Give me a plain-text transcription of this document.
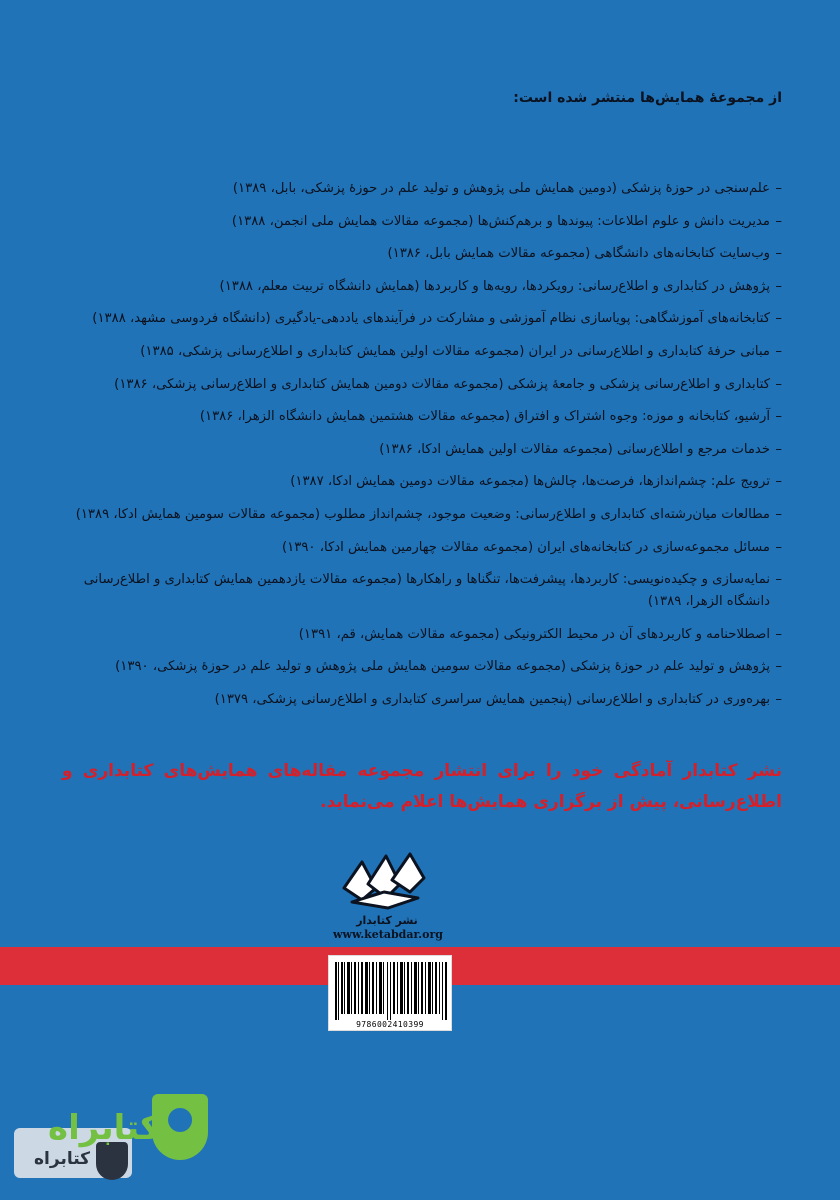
از مجموعهٔ همایش‌ها منتشر شده است:
– علم‌سنجی در حوزهٔ پزشکی (دومین همایش ملی پژوهش و تولید علم در حوزهٔ پزشکی، بابل، ۱۳۸۹)
– مدیریت دانش و علوم اطلاعات: پیوندها و برهم‌کنش‌ها (مجموعه مقالات همایش ملی انجمن، ۱۳۸۸)
– وب‌سایت کتابخانه‌های دانشگاهی (مجموعه مقالات همایش بابل، ۱۳۸۶)
– پژوهش در کتابداری و اطلاع‌رسانی: رویکردها، رویه‌ها و کاربردها (همایش دانشگاه تربیت معلم، ۱۳۸۸)
– کتابخانه‌های آموزشگاهی: پویاسازی نظام آموزشی و مشارکت در فرآیندهای یاددهی-یادگیری (دانشگاه فردوسی مشهد، ۱۳۸۸)
– مبانی حرفهٔ کتابداری و اطلاع‌رسانی در ایران (مجموعه مقالات اولین همایش کتابداری و اطلاع‌رسانی پزشکی، ۱۳۸۵)
– کتابداری و اطلاع‌رسانی پزشکی و جامعهٔ پزشکی (مجموعه مقالات دومین همایش کتابداری و اطلاع‌رسانی پزشکی، ۱۳۸۶)
– آرشیو، کتابخانه و موزه: وجوه اشتراک و افتراق (مجموعه مقالات هشتمین همایش دانشگاه الزهرا، ۱۳۸۶)
– خدمات مرجع و اطلاع‌رسانی (مجموعه مقالات اولین همایش ادکا، ۱۳۸۶)
– ترویج علم: چشم‌اندازها، فرصت‌ها، چالش‌ها (مجموعه مقالات دومین همایش ادکا، ۱۳۸۷)
– مطالعات میان‌رشته‌ای کتابداری و اطلاع‌رسانی: وضعیت موجود، چشم‌انداز مطلوب (مجموعه مقالات سومین همایش ادکا، ۱۳۸۹)
– مسائل مجموعه‌سازی در کتابخانه‌های ایران (مجموعه مقالات چهارمین همایش ادکا، ۱۳۹۰)
– نمایه‌سازی و چکیده‌نویسی: کاربردها، پیشرفت‌ها، تنگناها و راهکارها (مجموعه مقالات یازدهمین همایش کتابداری و اطلاع‌رسانی دانشگاه الزهرا، ۱۳۸۹)
– اصطلاحنامه و کاربردهای آن در محیط الکترونیکی (مجموعه مقالات همایش، قم، ۱۳۹۱)
– پژوهش و تولید علم در حوزهٔ پزشکی (مجموعه مقالات سومین همایش ملی پژوهش و تولید علم در حوزهٔ پزشکی، ۱۳۹۰)
– بهره‌وری در کتابداری و اطلاع‌رسانی (پنجمین همایش سراسری کتابداری و اطلاع‌رسانی پزشکی، ۱۳۷۹)
نشر کتابدار آمادگی خود را برای انتشار مجموعه مقاله‌های همایش‌های کتابداری و اطلاع‌رسانی، پیش از برگزاری همایش‌ها اعلام می‌نماید.
نشر کتابدار
www.ketabdar.org
9786002410399
کتابراه
کتابراه
